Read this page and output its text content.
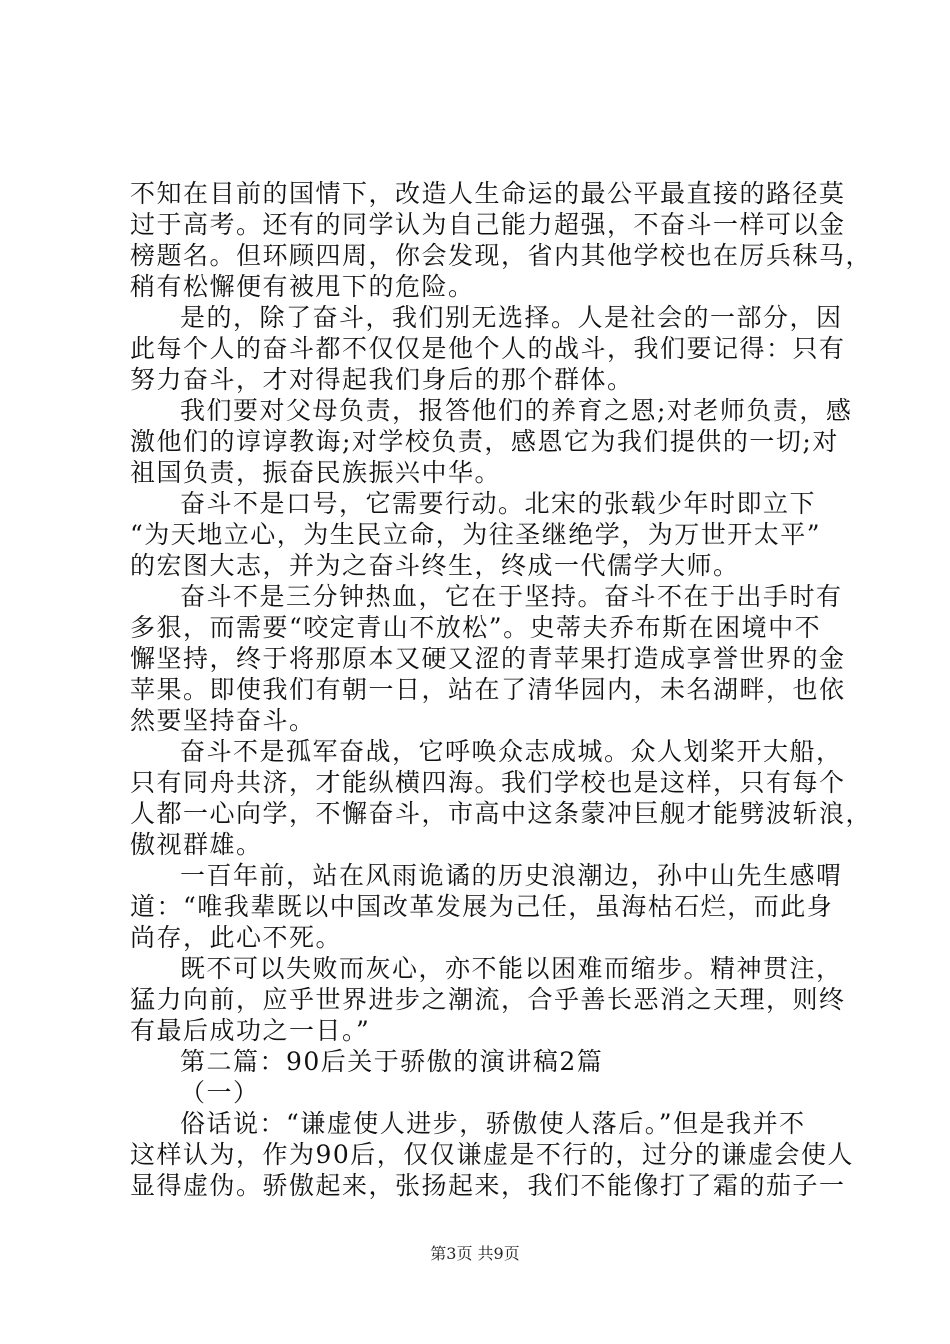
不知在目前的国情下，改造人生命运的最公平最直接的路径莫
过于高考。还有的同学认为自己能力超强，不奋斗一样可以金
榜题名。但环顾四周，你会发现，省内其他学校也在厉兵秣马，
稍有松懈便有被甩下的危险。
是的，除了奋斗，我们别无选择。人是社会的一部分，因
此每个人的奋斗都不仅仅是他个人的战斗，我们要记得：只有
努力奋斗，才对得起我们身后的那个群体。
我们要对父母负责，报答他们的养育之恩;对老师负责，感
激他们的谆谆教诲;对学校负责，感恩它为我们提供的一切;对
祖国负责，振奋民族振兴中华。
奋斗不是口号，它需要行动。北宋的张载少年时即立下
“为天地立心，为生民立命，为往圣继绝学，为万世开太平”
的宏图大志，并为之奋斗终生，终成一代儒学大师。
奋斗不是三分钟热血，它在于坚持。奋斗不在于出手时有
多狠，而需要“咬定青山不放松”。史蒂夫乔布斯在困境中不
懈坚持，终于将那原本又硬又涩的青苹果打造成享誉世界的金
苹果。即使我们有朝一日，站在了清华园内，未名湖畔，也依
然要坚持奋斗。
奋斗不是孤军奋战，它呼唤众志成城。众人划桨开大船，
只有同舟共济，才能纵横四海。我们学校也是这样，只有每个
人都一心向学，不懈奋斗，市高中这条蒙冲巨舰才能劈波斩浪，
傲视群雄。
一百年前，站在风雨诡谲的历史浪潮边，孙中山先生感喟
道：“唯我辈既以中国改革发展为己任，虽海枯石烂，而此身
尚存，此心不死。
既不可以失败而灰心，亦不能以困难而缩步。精神贯注，
猛力向前，应乎世界进步之潮流，合乎善长恶消之天理，则终
有最后成功之一日。”
第二篇：90后关于骄傲的演讲稿2篇
（一）
俗话说：“谦虚使人进步，骄傲使人落后。”但是我并不
这样认为，作为90后，仅仅谦虚是不行的，过分的谦虚会使人
显得虚伪。骄傲起来，张扬起来，我们不能像打了霜的茄子一
第3页 共9页
